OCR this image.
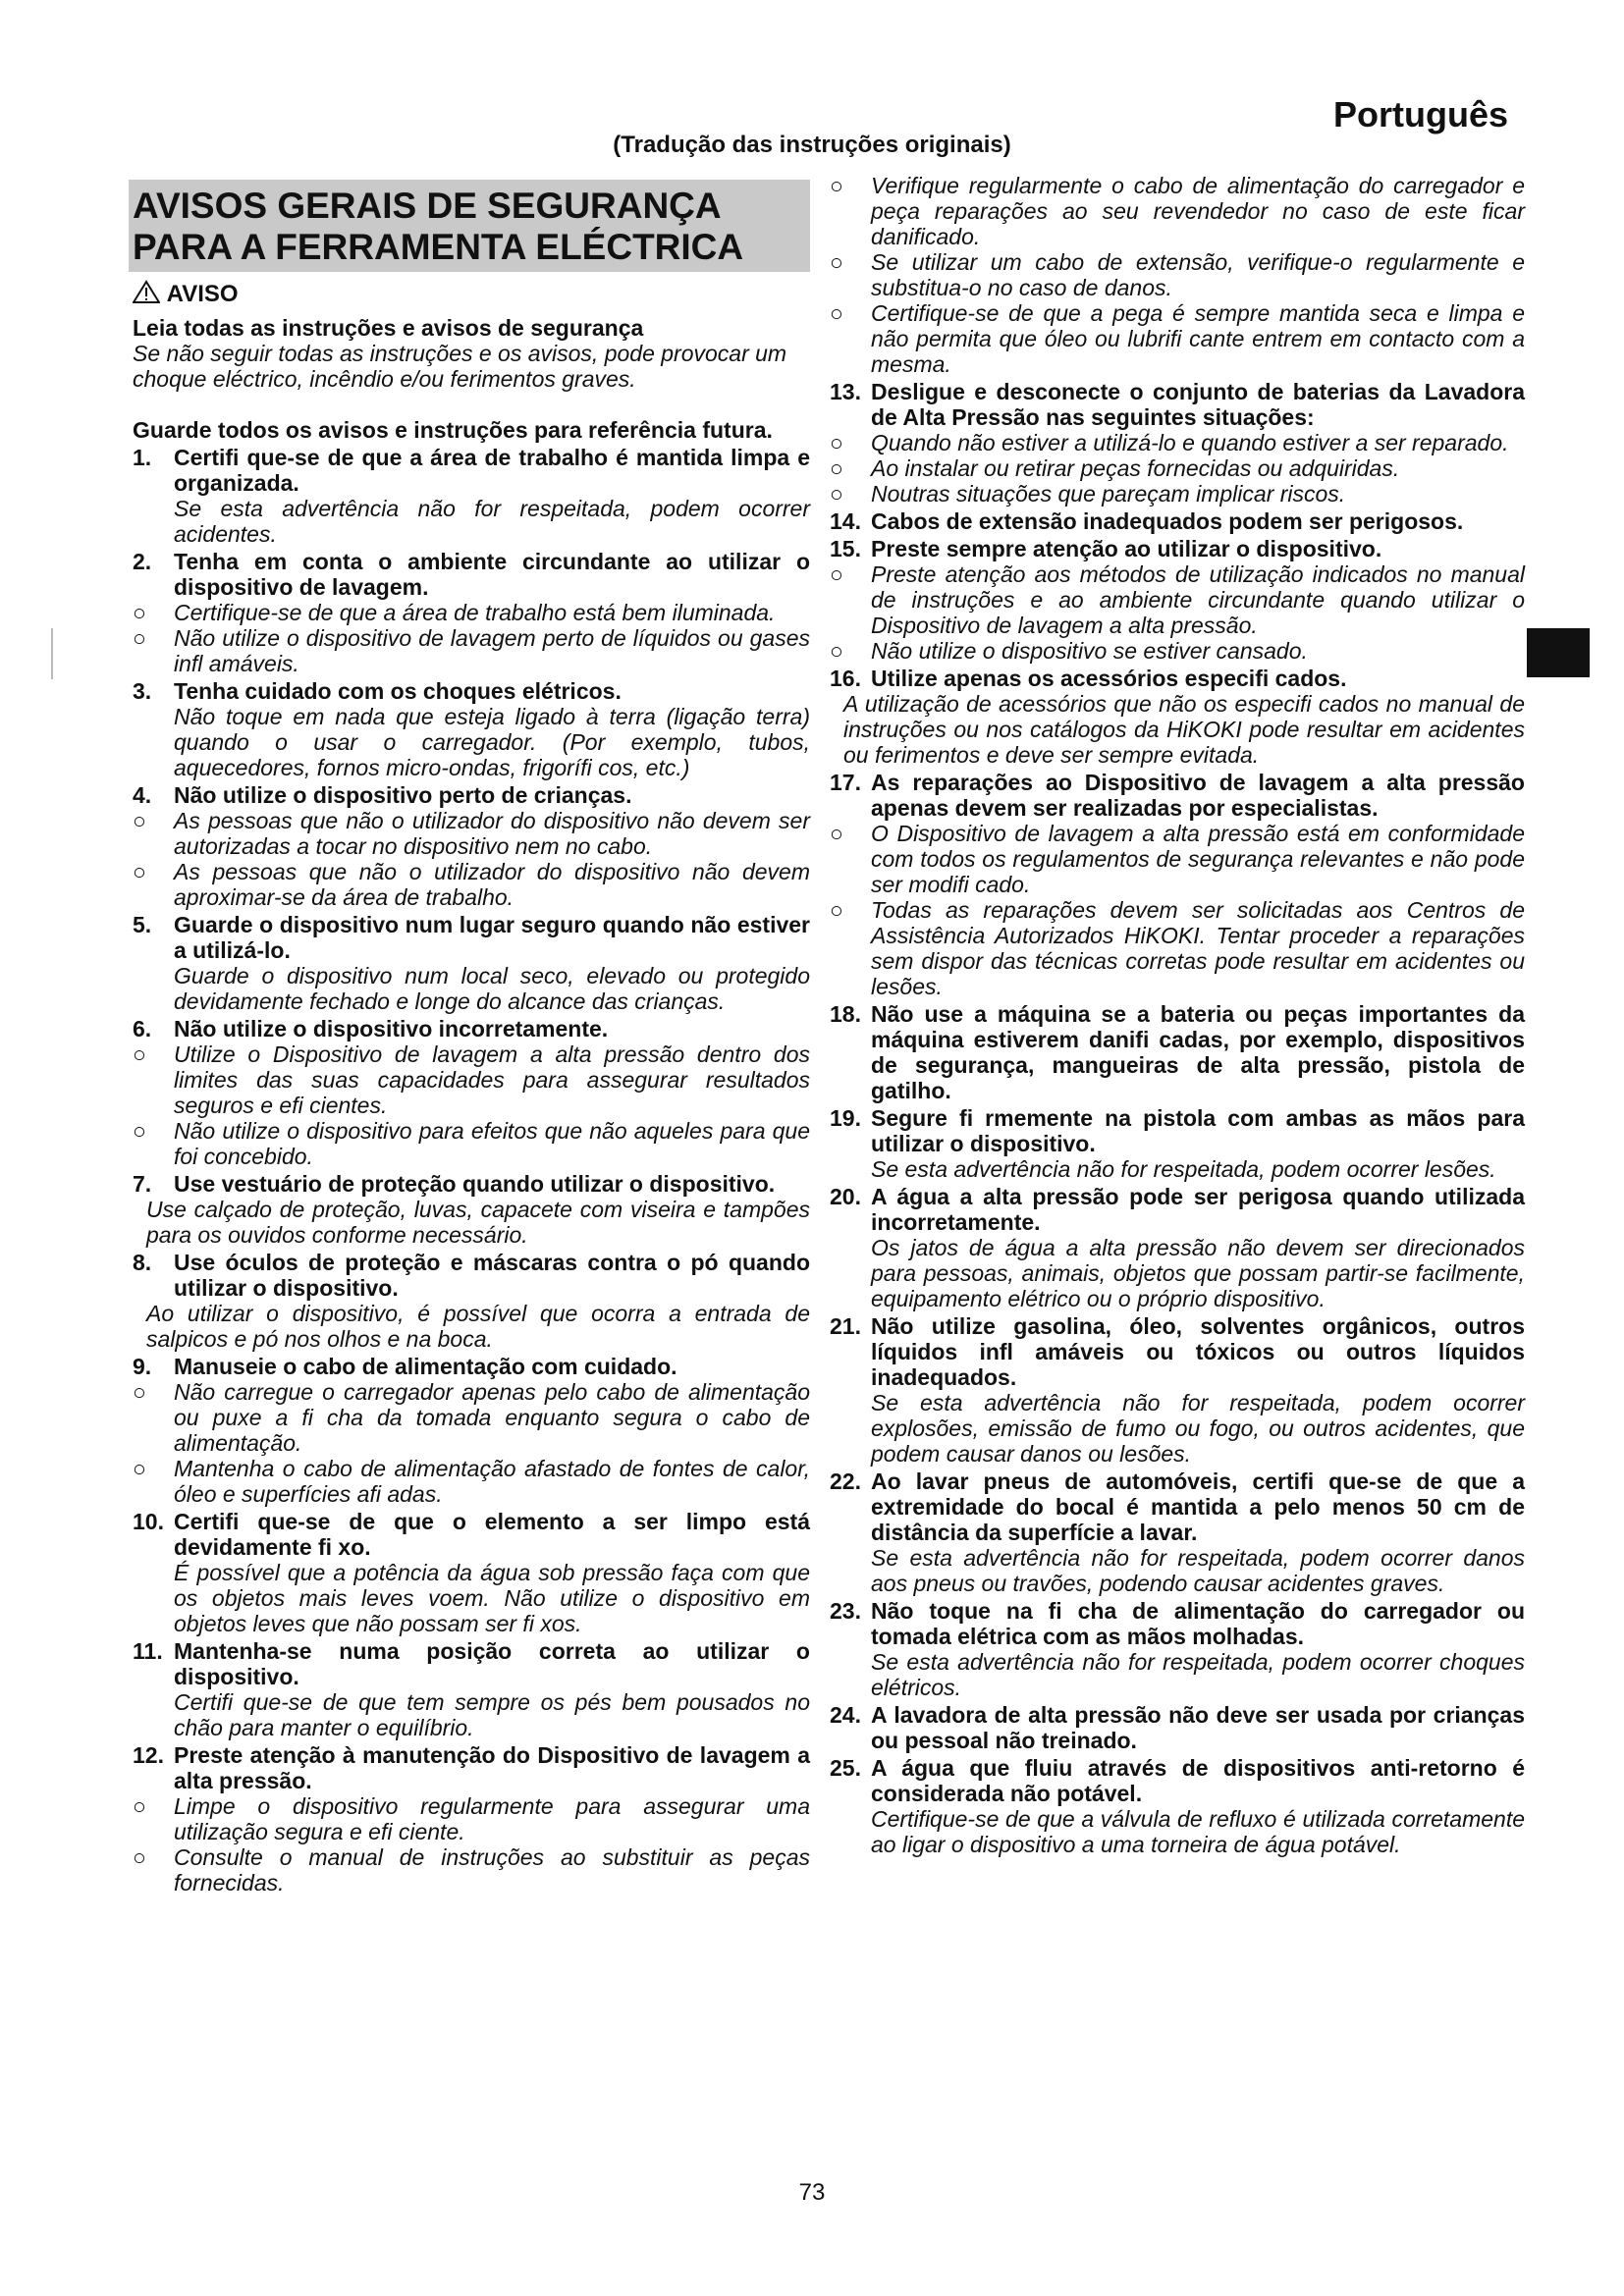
Português
(Tradução das instruções originais)
AVISOS GERAIS DE SEGURANÇA
PARA A FERRAMENTA ELÉCTRICA
AVISO

Leia todas as instruções e avisos de segurança

Se não seguir todas as instruções e os avisos, pode provocar um choque eléctrico, incêndio e/ou ferimentos graves.

Guarde todos os avisos e instruções para referência futura.

1. Certifi que-se de que a área de trabalho é mantida limpa e organizada.

Se esta advertência não for respeitada, podem ocorrer acidentes.

2. Tenha em conta o ambiente circundante ao utilizar o dispositivo de lavagem.
○	Certifique-se de que a área de trabalho está bem iluminada.
○	Não utilize o dispositivo de lavagem perto de líquidos ou gases infl amáveis.
3. Tenha cuidado com os choques elétricos.

Não toque em nada que esteja ligado à terra (ligação terra) quando o usar o carregador. (Por exemplo, tubos, aquecedores, fornos micro-ondas, frigorífi cos, etc.)

4. Não utilize o dispositivo perto de crianças.
○	As pessoas que não o utilizador do dispositivo não devem ser autorizadas a tocar no dispositivo nem no cabo.
○	As pessoas que não o utilizador do dispositivo não devem aproximar-se da área de trabalho.
5. Guarde o dispositivo num lugar seguro quando não estiver a utilizá-lo.

Guarde o dispositivo num local seco, elevado ou protegido devidamente fechado e longe do alcance das crianças.

6. Não utilize o dispositivo incorretamente.
○	Utilize o Dispositivo de lavagem a alta pressão dentro dos limites das suas capacidades para assegurar resultados seguros e efi cientes.
○	Não utilize o dispositivo para efeitos que não aqueles para que foi concebido.
7. Use vestuário de proteção quando utilizar o dispositivo.

Use calçado de proteção, luvas, capacete com viseira e tampões para os ouvidos conforme necessário.

8. Use óculos de proteção e máscaras contra o pó quando utilizar o dispositivo.

Ao utilizar o dispositivo, é possível que ocorra a entrada de salpicos e pó nos olhos e na boca.

9. Manuseie o cabo de alimentação com cuidado.
○	Não carregue o carregador apenas pelo cabo de alimentação ou puxe a fi cha da tomada enquanto segura o cabo de alimentação.
○	Mantenha o cabo de alimentação afastado de fontes de calor, óleo e superfícies afi adas.
10. Certifi que-se de que o elemento a ser limpo está devidamente fi xo.

É possível que a potência da água sob pressão faça com que os objetos mais leves voem. Não utilize o dispositivo em objetos leves que não possam ser fi xos.

11. Mantenha-se numa posição correta ao utilizar o dispositivo.

Certifi que-se de que tem sempre os pés bem pousados no chão para manter o equilíbrio.

12. Preste atenção à manutenção do Dispositivo de lavagem a alta pressão.
○	Limpe o dispositivo regularmente para assegurar uma utilização segura e efi ciente.
○	Consulte o manual de instruções ao substituir as peças fornecidas.
○	Verifique regularmente o cabo de alimentação do carregador e peça reparações ao seu revendedor no caso de este ficar danificado.
○	Se utilizar um cabo de extensão, verifique-o regularmente e substitua-o no caso de danos.
○	Certifique-se de que a pega é sempre mantida seca e limpa e não permita que óleo ou lubrifi cante entrem em contacto com a mesma.
13. Desligue e desconecte o conjunto de baterias da Lavadora de Alta Pressão nas seguintes situações:
○	Quando não estiver a utilizá-lo e quando estiver a ser reparado.
○	Ao instalar ou retirar peças fornecidas ou adquiridas.
○	Noutras situações que pareçam implicar riscos.
14. Cabos de extensão inadequados podem ser perigosos.
15. Preste sempre atenção ao utilizar o dispositivo.
○	Preste atenção aos métodos de utilização indicados no manual de instruções e ao ambiente circundante quando utilizar o Dispositivo de lavagem a alta pressão.
○	Não utilize o dispositivo se estiver cansado.
16. Utilize apenas os acessórios especifi cados.

A utilização de acessórios que não os especifi cados no manual de instruções ou nos catálogos da HiKOKI pode resultar em acidentes ou ferimentos e deve ser sempre evitada.

17. As reparações ao Dispositivo de lavagem a alta pressão apenas devem ser realizadas por especialistas.
○	O Dispositivo de lavagem a alta pressão está em conformidade com todos os regulamentos de segurança relevantes e não pode ser modifi cado.
○	Todas as reparações devem ser solicitadas aos Centros de Assistência Autorizados HiKOKI. Tentar proceder a reparações sem dispor das técnicas corretas pode resultar em acidentes ou lesões.
18. Não use a máquina se a bateria ou peças importantes da máquina estiverem danifi cadas, por exemplo, dispositivos de segurança, mangueiras de alta pressão, pistola de gatilho.
19. Segure fi rmemente na pistola com ambas as mãos para utilizar o dispositivo.

Se esta advertência não for respeitada, podem ocorrer lesões.

20. A água a alta pressão pode ser perigosa quando utilizada incorretamente.

Os jatos de água a alta pressão não devem ser direcionados para pessoas, animais, objetos que possam partir-se facilmente, equipamento elétrico ou o próprio dispositivo.

21. Não utilize gasolina, óleo, solventes orgânicos, outros líquidos infl amáveis ou tóxicos ou outros líquidos inadequados.

Se esta advertência não for respeitada, podem ocorrer explosões, emissão de fumo ou fogo, ou outros acidentes, que podem causar danos ou lesões.

22. Ao lavar pneus de automóveis, certifi que-se de que a extremidade do bocal é mantida a pelo menos 50 cm de distância da superfície a lavar.

Se esta advertência não for respeitada, podem ocorrer danos aos pneus ou travões, podendo causar acidentes graves.

23. Não toque na fi cha de alimentação do carregador ou tomada elétrica com as mãos molhadas.

Se esta advertência não for respeitada, podem ocorrer choques elétricos.

24. A lavadora de alta pressão não deve ser usada por crianças ou pessoal não treinado.
25. A água que fluiu através de dispositivos anti-retorno é considerada não potável.

Certifique-se de que a válvula de refluxo é utilizada corretamente ao ligar o dispositivo a uma torneira de água potável.

73
